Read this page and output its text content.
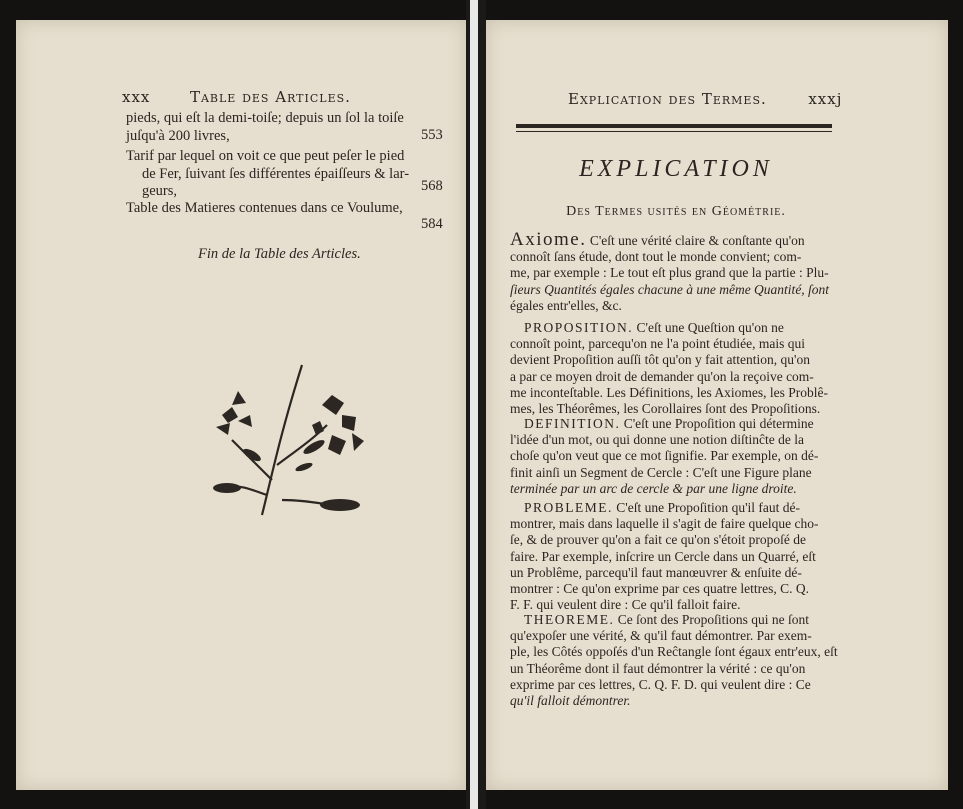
xxx	Table des Articles.
pieds, qui eſt la demi-toiſe; depuis un ſol la toiſe
juſqu'à 200 livres,	553
Tarif par lequel on voit ce que peut peſer le pied
de Fer, ſuivant ſes différentes épaiſſeurs & lar-
geurs,	568
Table des Matieres contenues dans ce Voulume,
584
Fin de la Table des Articles.
Explication des Termes.	xxxj
EXPLICATION
Des Termes usités en Géométrie.
Axiome. C'eſt une vérité claire & conſtante qu'on
connoît ſans étude, dont tout le monde convient; com-
me, par exemple : Le tout eſt plus grand que la partie : Plu-
ſieurs Quantités égales chacune à une même Quantité, ſont
égales entr'elles, &c.
PROPOSITION. C'eſt une Queſtion qu'on ne
connoît point, parcequ'on ne l'a point étudiée, mais qui
devient Propoſition auſſi tôt qu'on y fait attention, qu'on
a par ce moyen droit de demander qu'on la reçoive com-
me inconteſtable. Les Définitions, les Axiomes, les Problê-
mes, les Théorêmes, les Corollaires ſont des Propoſitions.
DEFINITION. C'eſt une Propoſition qui détermine
l'idée d'un mot, ou qui donne une notion diſtinĉte de la
choſe qu'on veut que ce mot ſignifie. Par exemple, on dé-
finit ainſi un Segment de Cercle : C'eſt une Figure plane
terminée par un arc de cercle & par une ligne droite.
PROBLEME. C'eſt une Propoſition qu'il faut dé-
montrer, mais dans laquelle il s'agit de faire quelque cho-
ſe, & de prouver qu'on a fait ce qu'on s'étoit propoſé de
faire. Par exemple, inſcrire un Cercle dans un Quarré, eſt
un Problême, parcequ'il faut manœuvrer & enſuite dé-
montrer : Ce qu'on exprime par ces quatre lettres, C. Q.
F. F. qui veulent dire : Ce qu'il falloit faire.
THEOREME. Ce ſont des Propoſitions qui ne ſont
qu'expoſer une vérité, & qu'il faut démontrer. Par exem-
ple, les Côtés oppoſés d'un Reĉtangle ſont égaux entr'eux, eſt
un Théorême dont il faut démontrer la vérité : ce qu'on
exprime par ces lettres, C. Q. F. D. qui veulent dire : Ce
qu'il falloit démontrer.
